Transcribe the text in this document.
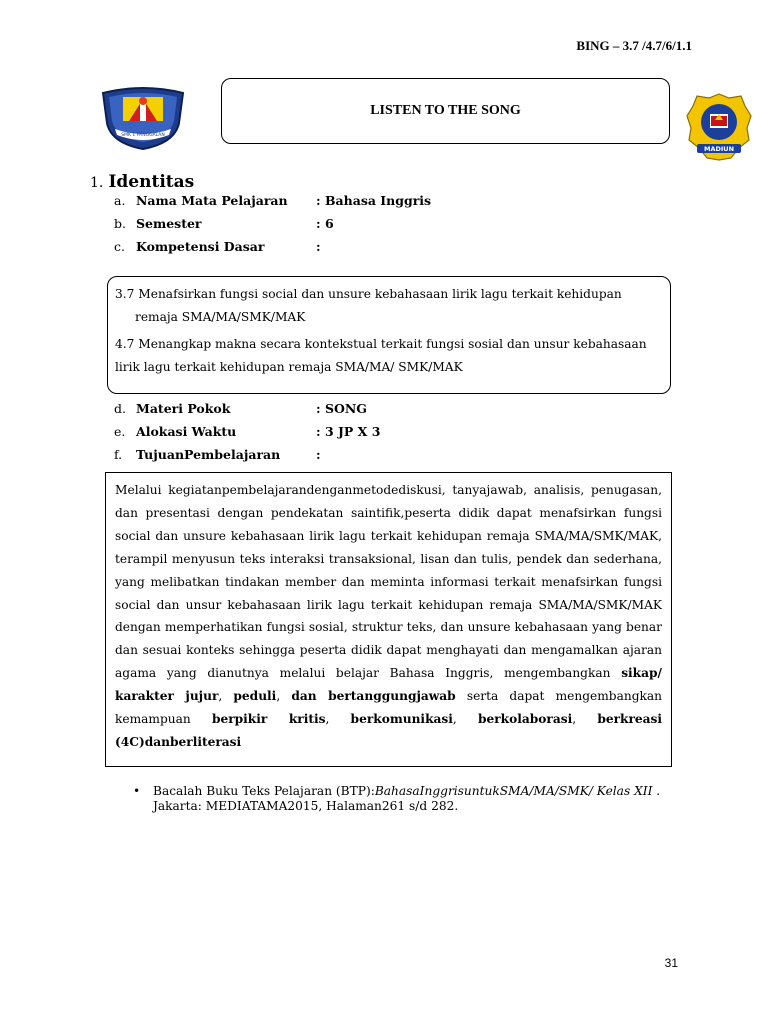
BING – 3.7 /4.7/6/1.1
SMK 1 PANGGALAN
LISTEN TO THE SONG
MADIUN
1. Identitas
a. Nama Mata Pelajaran : Bahasa Inggris
b. Semester	: 6
c. Kompetensi Dasar	:

3.7 Menafsirkan fungsi social dan unsure kebahasaan lirik lagu terkait kehidupan
remaja SMA/MA/SMK/MAK

4.7 Menangkap makna secara kontekstual terkait fungsi sosial dan unsur kebahasaan lirik lagu terkait kehidupan remaja SMA/MA/ SMK/MAK

d. Materi Pokok	: SONG
e. Alokasi Waktu	: 3 JP X 3
f. TujuanPembelajaran	:
Melalui kegiatanpembelajarandenganmetodediskusi, tanyajawab, analisis, penugasan, dan presentasi dengan pendekatan saintifik,peserta didik dapat menafsirkan fungsi social dan unsure kebahasaan lirik lagu terkait kehidupan remaja SMA/MA/SMK/MAK, terampil menyusun teks interaksi transaksional, lisan dan tulis, pendek dan sederhana, yang melibatkan tindakan member dan meminta informasi terkait menafsirkan fungsi social dan unsur kebahasaan lirik lagu terkait kehidupan remaja SMA/MA/SMK/MAK dengan memperhatikan fungsi sosial, struktur teks, dan unsure kebahasaan yang benar dan sesuai konteks sehingga peserta didik dapat menghayati dan mengamalkan ajaran agama yang dianutnya melalui belajar Bahasa Inggris, mengembangkan sikap/ karakter jujur, peduli, dan bertanggungjawab serta dapat mengembangkan kemampuan berpikir kritis, berkomunikasi, berkolaborasi, berkreasi (4C)danberliterasi
• Bacalah Buku Teks Pelajaran (BTP):BahasaInggrisuntukSMA/MA/SMK/ Kelas XII . Jakarta: MEDIATAMA2015, Halaman261 s/d 282.
31
